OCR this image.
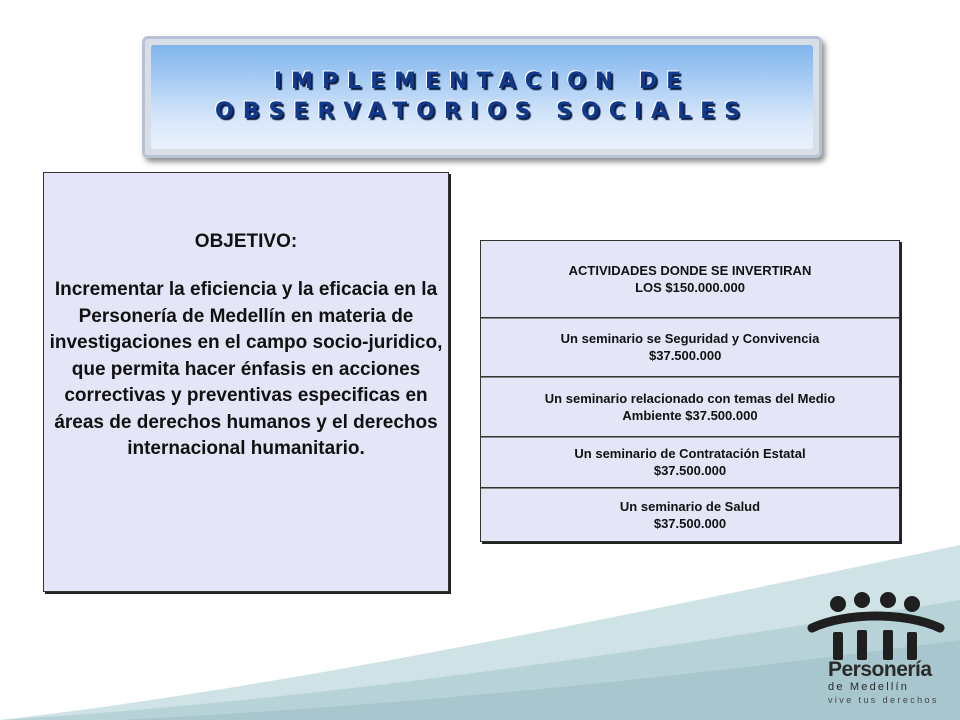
IMPLEMENTACION DE
OBSERVATORIOS SOCIALES
OBJETIVO:
Incrementar la eficiencia y la eficacia en la Personería de Medellín en materia de investigaciones en el campo socio-juridico, que permita hacer énfasis en acciones correctivas y preventivas especificas en áreas de derechos humanos y el derechos internacional humanitario.
ACTIVIDADES DONDE SE INVERTIRAN
LOS $150.000.000
Un seminario se Seguridad y Convivencia
$37.500.000
Un seminario relacionado con temas del Medio
Ambiente $37.500.000
Un seminario de Contratación Estatal
$37.500.000
Un seminario de Salud
$37.500.000
Personería
de Medellín
vive tus derechos
